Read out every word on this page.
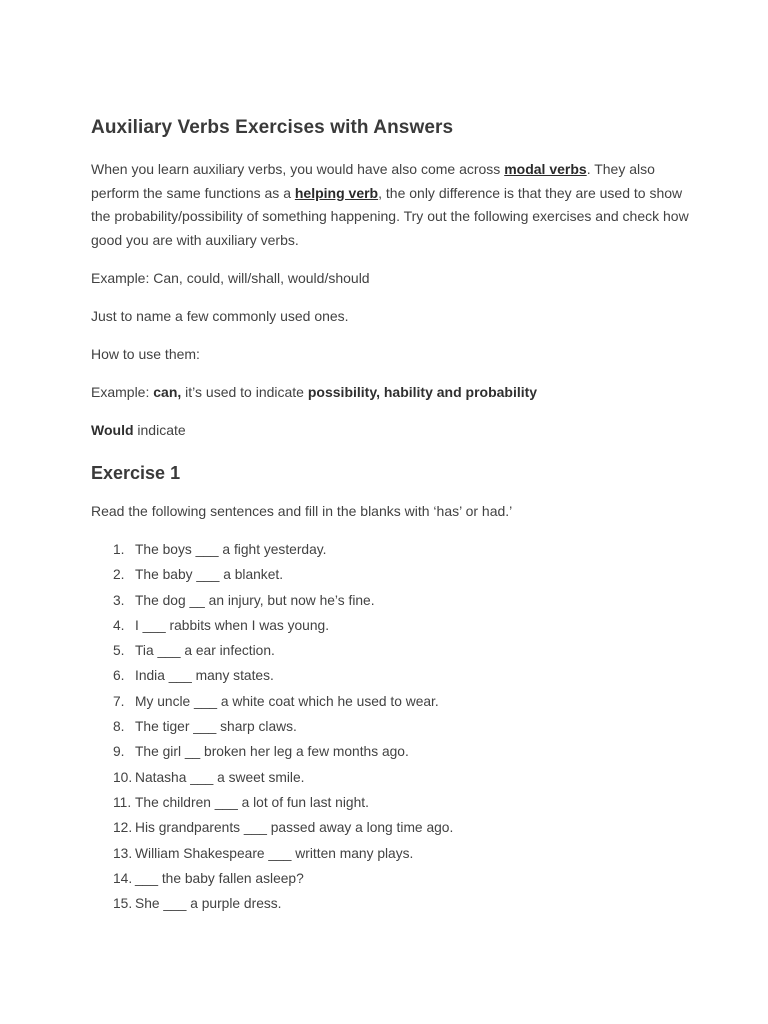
Auxiliary Verbs Exercises with Answers

When you learn auxiliary verbs, you would have also come across modal verbs. They also perform the same functions as a helping verb, the only difference is that they are used to show the probability/possibility of something happening. Try out the following exercises and check how good you are with auxiliary verbs.

Example: Can, could, will/shall, would/should

Just to name a few commonly used ones.

How to use them:

Example: can, it’s used to indicate possibility, hability and probability

Would indicate

Exercise 1

Read the following sentences and fill in the blanks with ‘has’ or had.’

1. The boys ___ a fight yesterday.
2. The baby ___ a blanket.
3. The dog __ an injury, but now he’s fine.
4. I ___ rabbits when I was young.
5. Tia ___ a ear infection.
6. India ___ many states.
7. My uncle ___ a white coat which he used to wear.
8. The tiger ___ sharp claws.
9. The girl __ broken her leg a few months ago.
10. Natasha ___ a sweet smile.
11. The children ___ a lot of fun last night.
12. His grandparents ___ passed away a long time ago.
13. William Shakespeare ___ written many plays.
14. ___ the baby fallen asleep?
15. She ___ a purple dress.
